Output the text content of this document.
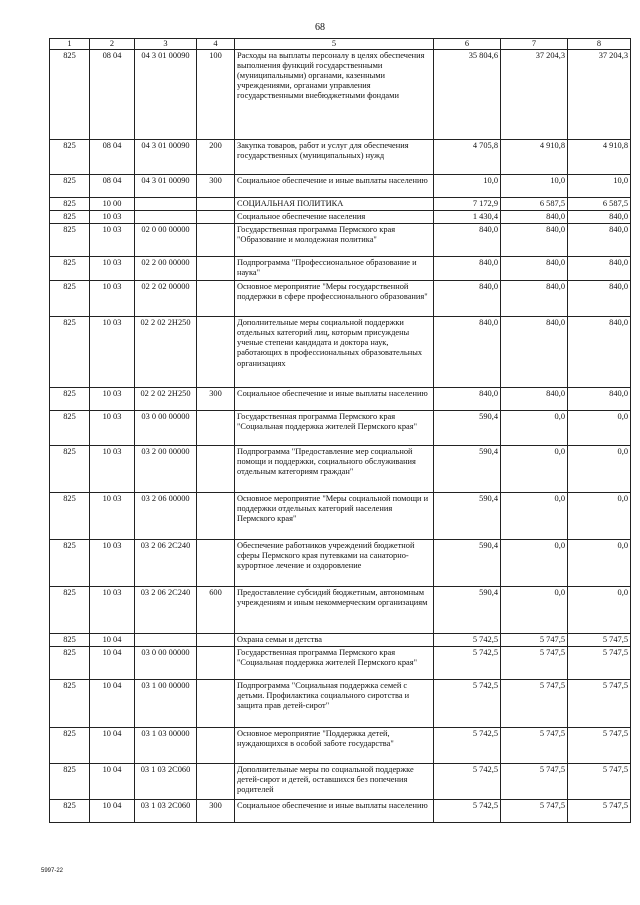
68
1	2	3	4	5	6	7	8
825	08 04	04 3 01 00090	100	Расходы на выплаты персоналу в целях обеспечения выполнения функций государственными (муниципальными) органами, казенными учреждениями, органами управления государственными внебюджетными фондами	35 804,6	37 204,3	37 204,3
825	08 04	04 3 01 00090	200	Закупка товаров, работ и услуг для обеспечения государственных (муниципальных) нужд	4 705,8	4 910,8	4 910,8
825	08 04	04 3 01 00090	300	Социальное обеспечение и иные выплаты населению	10,0	10,0	10,0
825	10 00			СОЦИАЛЬНАЯ ПОЛИТИКА	7 172,9	6 587,5	6 587,5
825	10 03			Социальное обеспечение населения	1 430,4	840,0	840,0
825	10 03	02 0 00 00000		Государственная программа Пермского края "Образование и молодежная политика"	840,0	840,0	840,0
825	10 03	02 2 00 00000		Подпрограмма "Профессиональное образование и наука"	840,0	840,0	840,0
825	10 03	02 2 02 00000		Основное мероприятие "Меры государственной поддержки в сфере профессионального образования"	840,0	840,0	840,0
825	10 03	02 2 02 2Н250		Дополнительные меры социальной поддержки отдельных категорий лиц, которым присуждены ученые степени кандидата и доктора наук, работающих в профессиональных образовательных организациях	840,0	840,0	840,0
825	10 03	02 2 02 2Н250	300	Социальное обеспечение и иные выплаты населению	840,0	840,0	840,0
825	10 03	03 0 00 00000		Государственная программа Пермского края "Социальная поддержка жителей Пермского края"	590,4	0,0	0,0
825	10 03	03 2 00 00000		Подпрограмма "Предоставление мер социальной помощи и поддержки, социального обслуживания отдельным категориям граждан"	590,4	0,0	0,0
825	10 03	03 2 06 00000		Основное мероприятие "Меры социальной помощи и поддержки отдельных категорий населения Пермского края"	590,4	0,0	0,0
825	10 03	03 2 06 2С240		Обеспечение работников учреждений бюджетной сферы Пермского края путевками на санаторно-курортное лечение и оздоровление	590,4	0,0	0,0
825	10 03	03 2 06 2С240	600	Предоставление субсидий бюджетным, автономным учреждениям и иным некоммерческим организациям	590,4	0,0	0,0
825	10 04			Охрана семьи и детства	5 742,5	5 747,5	5 747,5
825	10 04	03 0 00 00000		Государственная программа Пермского края "Социальная поддержка жителей Пермского края"	5 742,5	5 747,5	5 747,5
825	10 04	03 1 00 00000		Подпрограмма "Социальная поддержка семей с детьми. Профилактика социального сиротства и защита прав детей-сирот"	5 742,5	5 747,5	5 747,5
825	10 04	03 1 03 00000		Основное мероприятие "Поддержка детей, нуждающихся в особой заботе государства"	5 742,5	5 747,5	5 747,5
825	10 04	03 1 03 2С060		Дополнительные меры по социальной поддержке детей-сирот и детей, оставшихся без попечения родителей	5 742,5	5 747,5	5 747,5
825	10 04	03 1 03 2С060	300	Социальное обеспечение и иные выплаты населению	5 742,5	5 747,5	5 747,5
5997-22
